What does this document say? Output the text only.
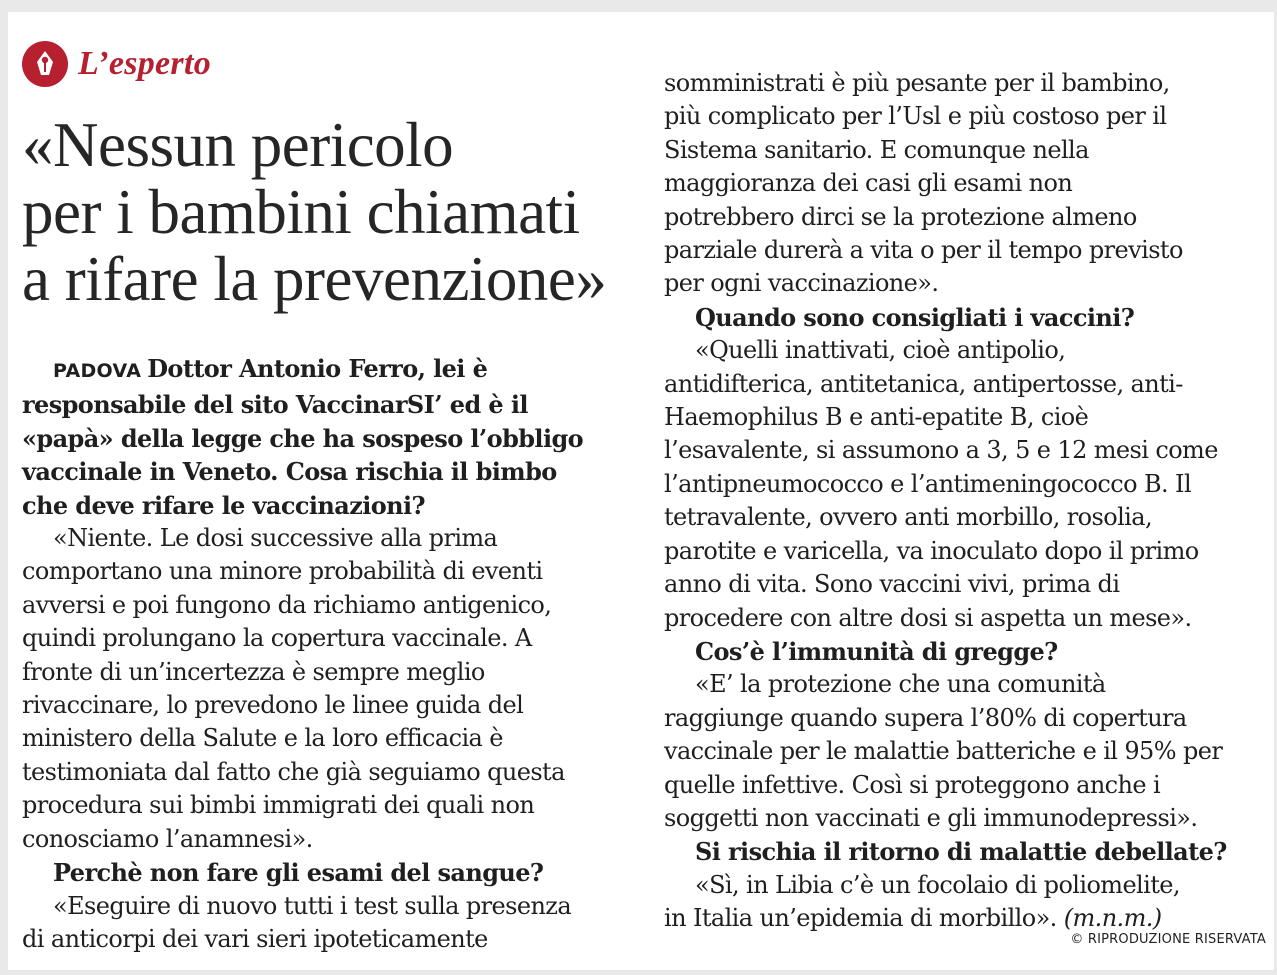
L’esperto
«Nessun pericolo
per i bambini chiamati
a rifare la prevenzione»

PADOVA Dottor Antonio Ferro, lei è

responsabile del sito VaccinarSI’ ed è il

«papà» della legge che ha sospeso l’obbligo

vaccinale in Veneto. Cosa rischia il bimbo

che deve rifare le vaccinazioni?

«Niente. Le dosi successive alla prima

comportano una minore probabilità di eventi

avversi e poi fungono da richiamo antigenico,

quindi prolungano la copertura vaccinale. A

fronte di un’incertezza è sempre meglio

rivaccinare, lo prevedono le linee guida del

ministero della Salute e la loro efficacia è

testimoniata dal fatto che già seguiamo questa

procedura sui bimbi immigrati dei quali non

conosciamo l’anamnesi».

Perchè non fare gli esami del sangue?

«Eseguire di nuovo tutti i test sulla presenza

di anticorpi dei vari sieri ipoteticamente

somministrati è più pesante per il bambino,

più complicato per l’Usl e più costoso per il

Sistema sanitario. E comunque nella

maggioranza dei casi gli esami non

potrebbero dirci se la protezione almeno

parziale durerà a vita o per il tempo previsto

per ogni vaccinazione».

Quando sono consigliati i vaccini?

«Quelli inattivati, cioè antipolio,

antidifterica, antitetanica, antipertosse, anti-

Haemophilus B e anti-epatite B, cioè

l’esavalente, si assumono a 3, 5 e 12 mesi come

l’antipneumococco e l’antimeningococco B. Il

tetravalente, ovvero anti morbillo, rosolia,

parotite e varicella, va inoculato dopo il primo

anno di vita. Sono vaccini vivi, prima di

procedere con altre dosi si aspetta un mese».

Cos’è l’immunità di gregge?

«E’ la protezione che una comunità

raggiunge quando supera l’80% di copertura

vaccinale per le malattie batteriche e il 95% per

quelle infettive. Così si proteggono anche i

soggetti non vaccinati e gli immunodepressi».

Si rischia il ritorno di malattie debellate?

«Sì, in Libia c’è un focolaio di poliomelite,

in Italia un’epidemia di morbillo». (m.n.m.)

© RIPRODUZIONE RISERVATA
